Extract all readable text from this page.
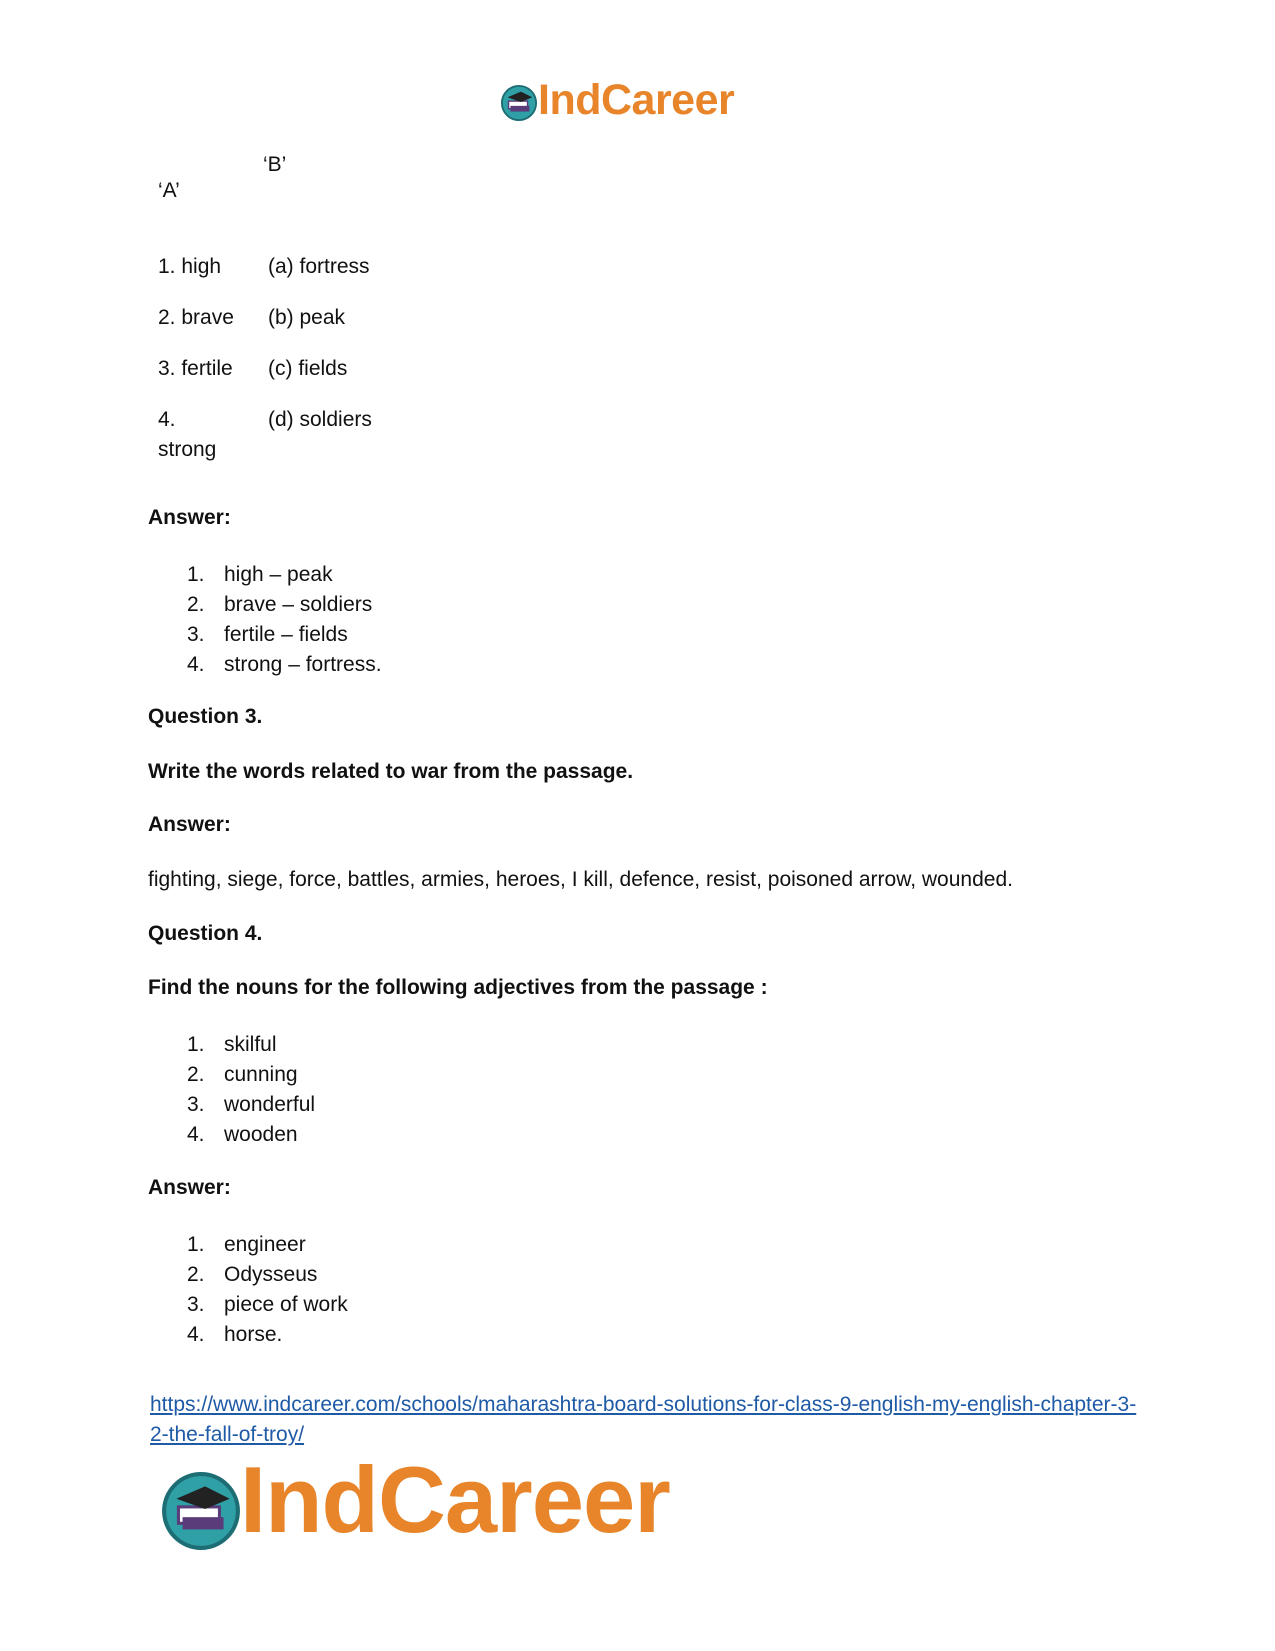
IndCareer
‘B’
‘A’
1. high (a) fortress
2. brave (b) peak
3. fertile (c) fields
4.
strong
(d) soldiers
Answer:
1. high – peak
2. brave – soldiers
3. fertile – fields
4. strong – fortress.
Question 3.
Write the words related to war from the passage.
Answer:
fighting, siege, force, battles, armies, heroes, I kill, defence, resist, poisoned arrow, wounded.
Question 4.
Find the nouns for the following adjectives from the passage :
1. skilful
2. cunning
3. wonderful
4. wooden
Answer:
1. engineer
2. Odysseus
3. piece of work
4. horse.
https://www.indcareer.com/schools/maharashtra-board-solutions-for-class-9-english-my-english-chapter-3-2-the-fall-of-troy/
IndCareer
